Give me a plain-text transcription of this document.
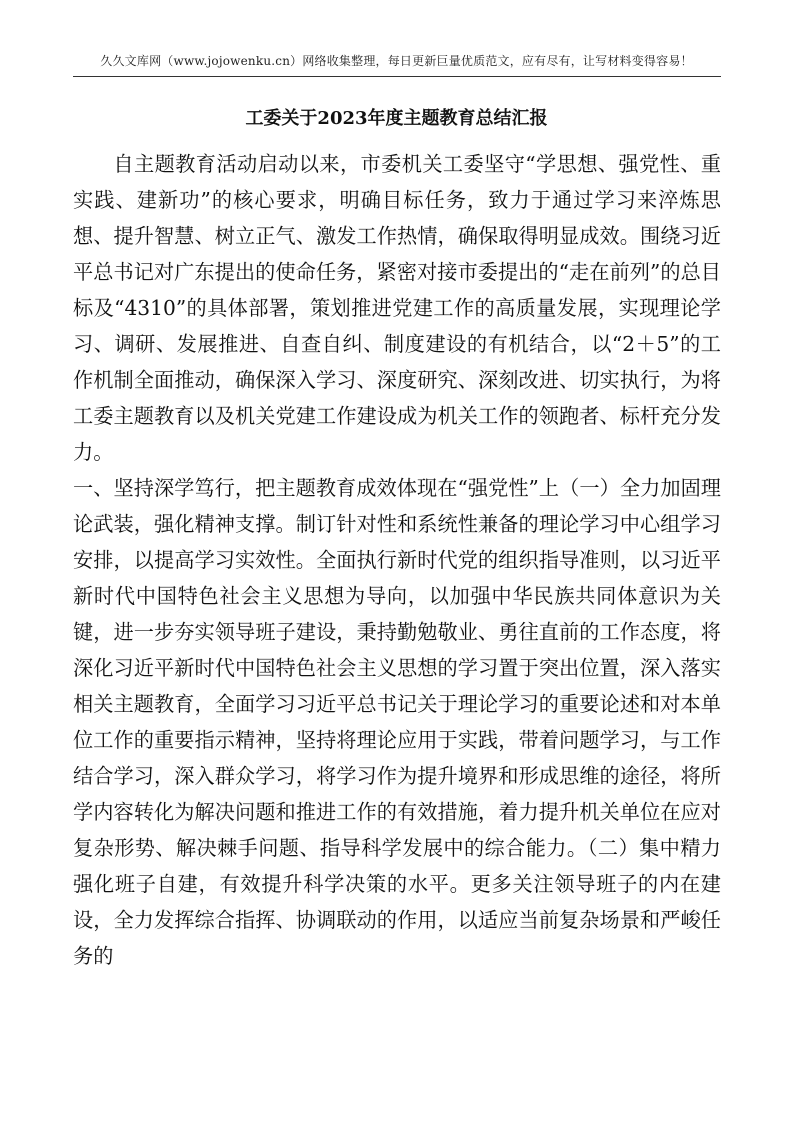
久久文库网（www.jojowenku.cn）网络收集整理，每日更新巨量优质范文，应有尽有，让写材料变得容易！
工委关于2023年度主题教育总结汇报

自主题教育活动启动以来，市委机关工委坚守“学思想、强党性、重实践、建新功”的核心要求，明确目标任务，致力于通过学习来淬炼思想、提升智慧、树立正气、激发工作热情，确保取得明显成效。围绕习近平总书记对广东提出的使命任务，紧密对接市委提出的“走在前列”的总目标及“4310”的具体部署，策划推进党建工作的高质量发展，实现理论学习、调研、发展推进、自查自纠、制度建设的有机结合，以“2＋5”的工作机制全面推动，确保深入学习、深度研究、深刻改进、切实执行，为将工委主题教育以及机关党建工作建设成为机关工作的领跑者、标杆充分发力。

一、坚持深学笃行，把主题教育成效体现在“强党性”上（一）全力加固理论武装，强化精神支撑。制订针对性和系统性兼备的理论学习中心组学习安排，以提高学习实效性。全面执行新时代党的组织指导准则，以习近平新时代中国特色社会主义思想为导向，以加强中华民族共同体意识为关键，进一步夯实领导班子建设，秉持勤勉敬业、勇往直前的工作态度，将深化习近平新时代中国特色社会主义思想的学习置于突出位置，深入落实相关主题教育，全面学习习近平总书记关于理论学习的重要论述和对本单位工作的重要指示精神，坚持将理论应用于实践，带着问题学习，与工作结合学习，深入群众学习，将学习作为提升境界和形成思维的途径，将所学内容转化为解决问题和推进工作的有效措施，着力提升机关单位在应对复杂形势、解决棘手问题、指导科学发展中的综合能力。（二）集中精力强化班子自建，有效提升科学决策的水平。更多关注领导班子的内在建设，全力发挥综合指挥、协调联动的作用，以适应当前复杂场景和严峻任务的
